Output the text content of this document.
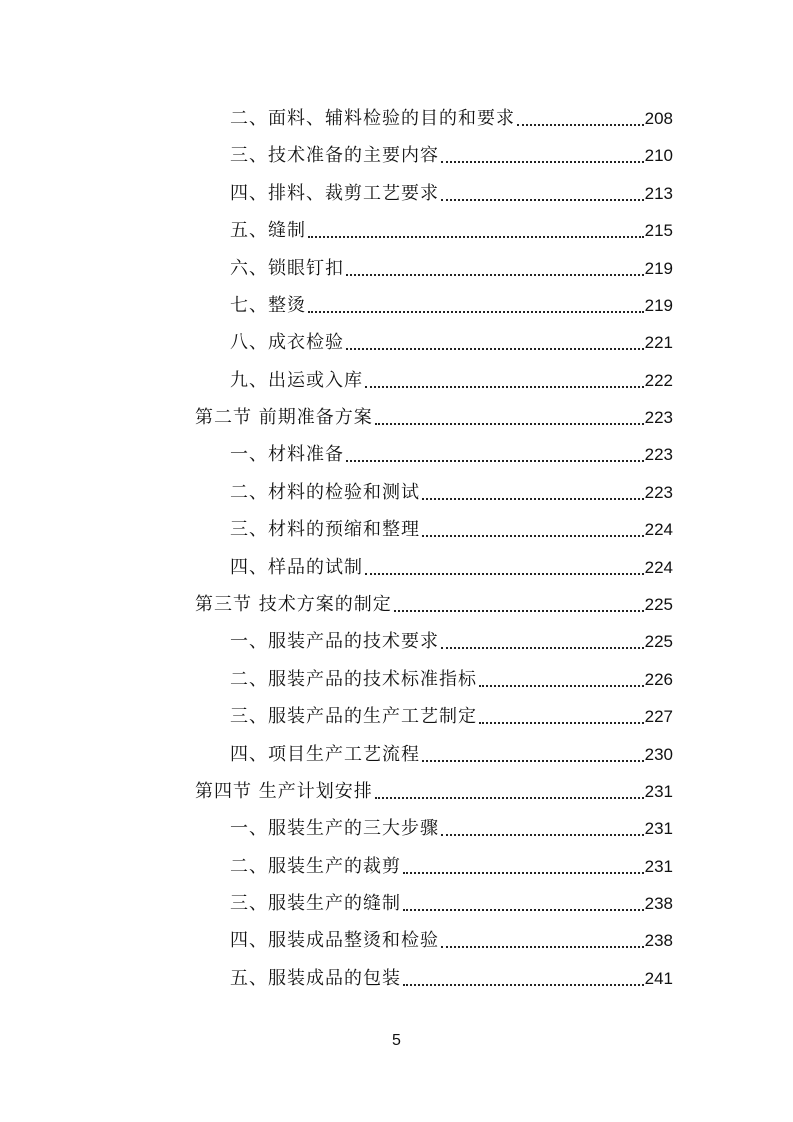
二、面料、辅料检验的目的和要求	208
三、技术准备的主要内容	210
四、排料、裁剪工艺要求	213
五、缝制	215
六、锁眼钉扣	219
七、整烫	219
八、成衣检验	221
九、出运或入库	222
第二节 前期准备方案	223
一、材料准备	223
二、材料的检验和测试	223
三、材料的预缩和整理	224
四、样品的试制	224
第三节 技术方案的制定	225
一、服装产品的技术要求	225
二、服装产品的技术标准指标	226
三、服装产品的生产工艺制定	227
四、项目生产工艺流程	230
第四节 生产计划安排	231
一、服装生产的三大步骤	231
二、服装生产的裁剪	231
三、服装生产的缝制	238
四、服装成品整烫和检验	238
五、服装成品的包装	241
5
